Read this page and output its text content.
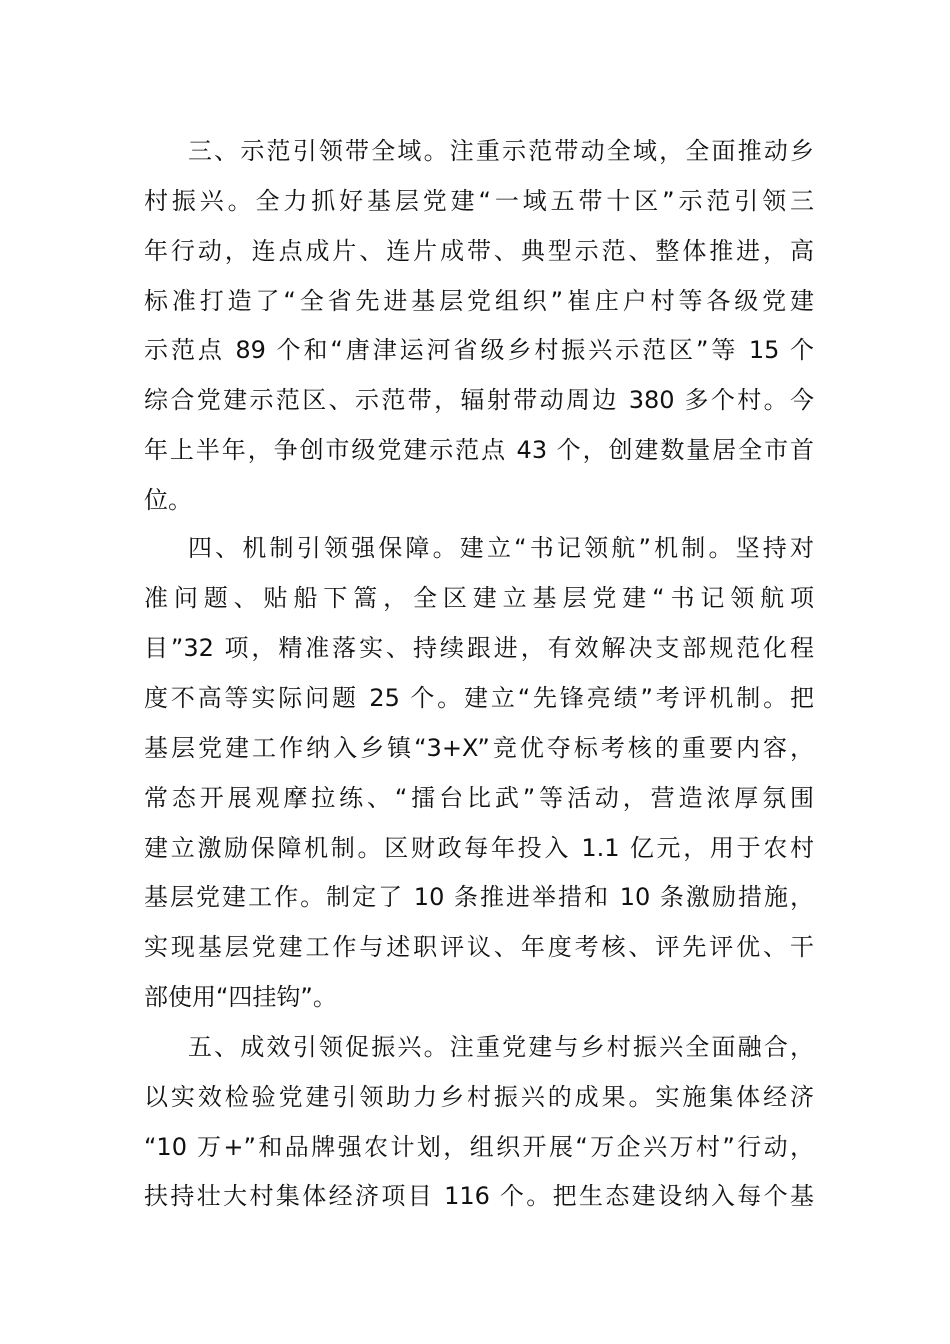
三、示范引领带全域。注重示范带动全域，全面推动乡
村振兴。全力抓好基层党建“一域五带十区”示范引领三
年行动，连点成片、连片成带、典型示范、整体推进，高
标准打造了“全省先进基层党组织”崔庄户村等各级党建
示范点 89 个和“唐津运河省级乡村振兴示范区”等 15 个
综合党建示范区、示范带，辐射带动周边 380 多个村。今
年上半年，争创市级党建示范点 43 个，创建数量居全市首
位。
四、机制引领强保障。建立“书记领航”机制。坚持对
准问题、贴船下篙，全区建立基层党建“书记领航项
目”32 项，精准落实、持续跟进，有效解决支部规范化程
度不高等实际问题 25 个。建立“先锋亮绩”考评机制。把
基层党建工作纳入乡镇“3+X”竞优夺标考核的重要内容，
常态开展观摩拉练、“擂台比武”等活动，营造浓厚氛围
建立激励保障机制。区财政每年投入 1.1 亿元，用于农村
基层党建工作。制定了 10 条推进举措和 10 条激励措施，
实现基层党建工作与述职评议、年度考核、评先评优、干
部使用“四挂钩”。
五、成效引领促振兴。注重党建与乡村振兴全面融合，
以实效检验党建引领助力乡村振兴的成果。实施集体经济
“10 万+”和品牌强农计划，组织开展“万企兴万村”行动，
扶持壮大村集体经济项目 116 个。把生态建设纳入每个基
